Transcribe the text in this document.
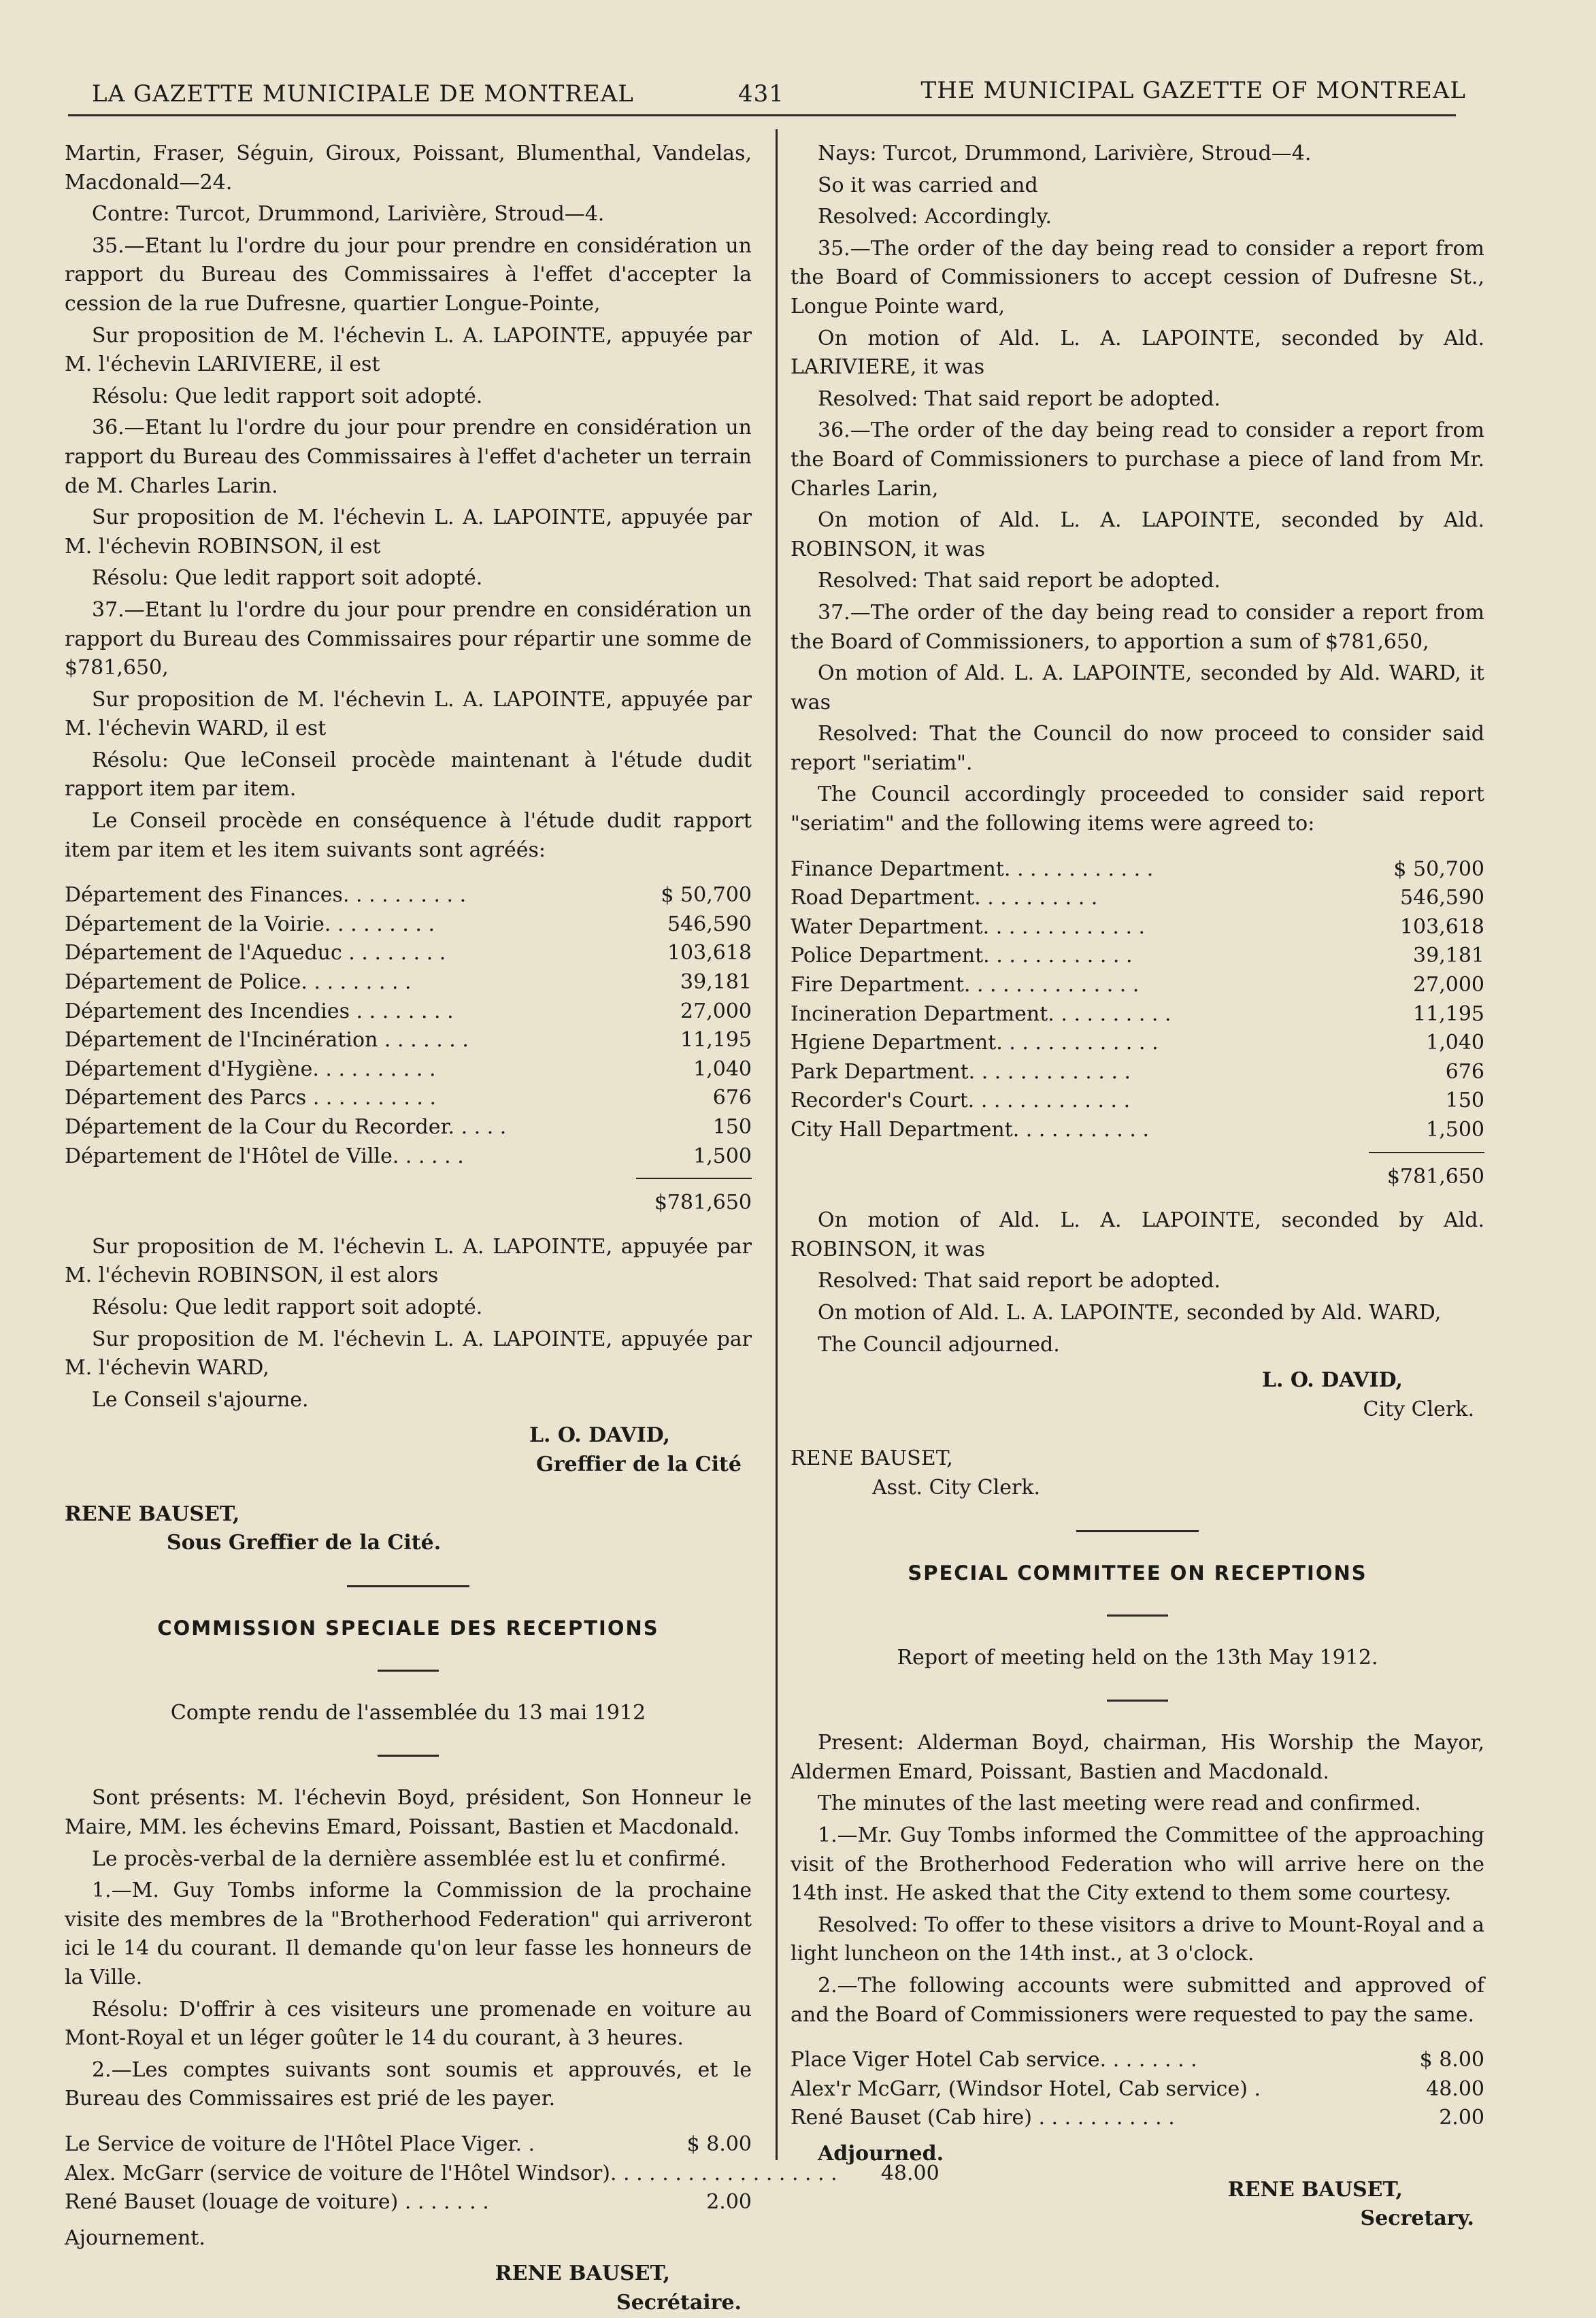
LA GAZETTE MUNICIPALE DE MONTREAL	431	THE MUNICIPAL GAZETTE OF MONTREAL

Martin, Fraser, Séguin, Giroux, Poissant, Blumenthal, Vandelas, Macdonald—24.

Contre: Turcot, Drummond, Larivière, Stroud—4.

35.—Etant lu l'ordre du jour pour prendre en considération un rapport du Bureau des Commissaires à l'effet d'accepter la cession de la rue Dufresne, quartier Longue-Pointe,

Sur proposition de M. l'échevin L. A. LAPOINTE, appuyée par M. l'échevin LARIVIERE, il est

Résolu: Que ledit rapport soit adopté.

36.—Etant lu l'ordre du jour pour prendre en considération un rapport du Bureau des Commissaires à l'effet d'acheter un terrain de M. Charles Larin.

Sur proposition de M. l'échevin L. A. LAPOINTE, appuyée par M. l'échevin ROBINSON, il est

Résolu: Que ledit rapport soit adopté.

37.—Etant lu l'ordre du jour pour prendre en considération un rapport du Bureau des Commissaires pour répartir une somme de $781,650,

Sur proposition de M. l'échevin L. A. LAPOINTE, appuyée par M. l'échevin WARD, il est

Résolu: Que leConseil procède maintenant à l'étude dudit rapport item par item.

Le Conseil procède en conséquence à l'étude dudit rapport item par item et les item suivants sont agréés:

Département des Finances. . . . . . . . . .	$ 50,700
Département de la Voirie. . . . . . . . .	546,590
Département de l'Aqueduc . . . . . . . .	103,618
Département de Police. . . . . . . . .	39,181
Département des Incendies . . . . . . . .	27,000
Département de l'Incinération . . . . . . .	11,195
Département d'Hygiène. . . . . . . . . .	1,040
Département des Parcs . . . . . . . . . .	676
Département de la Cour du Recorder. . . . .	150
Département de l'Hôtel de Ville. . . . . .	1,500
$781,650

Sur proposition de M. l'échevin L. A. LAPOINTE, appuyée par M. l'échevin ROBINSON, il est alors

Résolu: Que ledit rapport soit adopté.

Sur proposition de M. l'échevin L. A. LAPOINTE, appuyée par M. l'échevin WARD,

Le Conseil s'ajourne.

L. O. DAVID,
Greffier de la Cité
RENE BAUSET,
Sous Greffier de la Cité.
COMMISSION SPECIALE DES RECEPTIONS
Compte rendu de l'assemblée du 13 mai 1912

Sont présents: M. l'échevin Boyd, président, Son Honneur le Maire, MM. les échevins Emard, Poissant, Bastien et Macdonald.

Le procès-verbal de la dernière assemblée est lu et confirmé.

1.—M. Guy Tombs informe la Commission de la prochaine visite des membres de la "Brotherhood Federation" qui arriveront ici le 14 du courant. Il demande qu'on leur fasse les honneurs de la Ville.

Résolu: D'offrir à ces visiteurs une promenade en voiture au Mont-Royal et un léger goûter le 14 du courant, à 3 heures.

2.—Les comptes suivants sont soumis et approuvés, et le Bureau des Commissaires est prié de les payer.

Le Service de voiture de l'Hôtel Place Viger. .	$ 8.00
Alex. McGarr (service de voiture de l'Hôtel Windsor). . . . . . . . . . . . . . . . . .	48.00
René Bauset (louage de voiture) . . . . . . .	2.00

Ajournement.

RENE BAUSET,
Secrétaire.

Nays: Turcot, Drummond, Larivière, Stroud—4.

So it was carried and

Resolved: Accordingly.

35.—The order of the day being read to consider a report from the Board of Commissioners to accept cession of Dufresne St., Longue Pointe ward,

On motion of Ald. L. A. LAPOINTE, seconded by Ald. LARIVIERE, it was

Resolved: That said report be adopted.

36.—The order of the day being read to consider a report from the Board of Commissioners to purchase a piece of land from Mr. Charles Larin,

On motion of Ald. L. A. LAPOINTE, seconded by Ald. ROBINSON, it was

Resolved: That said report be adopted.

37.—The order of the day being read to consider a report from the Board of Commissioners, to apportion a sum of $781,650,

On motion of Ald. L. A. LAPOINTE, seconded by Ald. WARD, it was

Resolved: That the Council do now proceed to consider said report "seriatim".

The Council accordingly proceeded to consider said report "seriatim" and the following items were agreed to:

Finance Department. . . . . . . . . . . .	$ 50,700
Road Department. . . . . . . . . .	546,590
Water Department. . . . . . . . . . . . .	103,618
Police Department. . . . . . . . . . . .	39,181
Fire Department. . . . . . . . . . . . . .	27,000
Incineration Department. . . . . . . . . .	11,195
Hgiene Department. . . . . . . . . . . . .	1,040
Park Department. . . . . . . . . . . . .	676
Recorder's Court. . . . . . . . . . . . .	150
City Hall Department. . . . . . . . . . .	1,500
$781,650

On motion of Ald. L. A. LAPOINTE, seconded by Ald. ROBINSON, it was

Resolved: That said report be adopted.

On motion of Ald. L. A. LAPOINTE, seconded by Ald. WARD,

The Council adjourned.

L. O. DAVID,
City Clerk.
RENE BAUSET,
Asst. City Clerk.
SPECIAL COMMITTEE ON RECEPTIONS
Report of meeting held on the 13th May 1912.

Present: Alderman Boyd, chairman, His Worship the Mayor, Aldermen Emard, Poissant, Bastien and Macdonald.

The minutes of the last meeting were read and confirmed.

1.—Mr. Guy Tombs informed the Committee of the approaching visit of the Brotherhood Federation who will arrive here on the 14th inst. He asked that the City extend to them some courtesy.

Resolved: To offer to these visitors a drive to Mount-Royal and a light luncheon on the 14th inst., at 3 o'clock.

2.—The following accounts were submitted and approved of and the Board of Commissioners were requested to pay the same.

Place Viger Hotel Cab service. . . . . . . .	$ 8.00
Alex'r McGarr, (Windsor Hotel, Cab service) .	48.00
René Bauset (Cab hire) . . . . . . . . . . .	2.00

Adjourned.

RENE BAUSET,
Secretary.
